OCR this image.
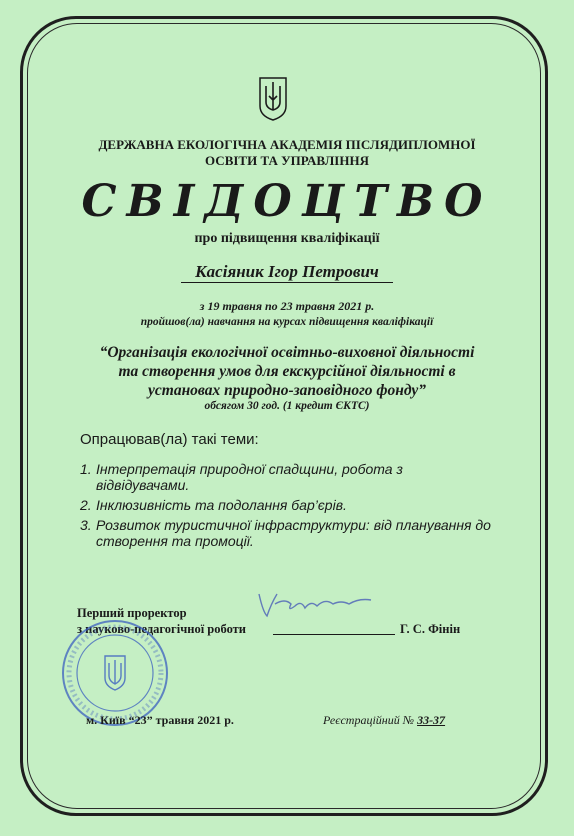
ДЕРЖАВНА ЕКОЛОГІЧНА АКАДЕМІЯ ПІСЛЯДИПЛОМНОЇ
ОСВІТИ ТА УПРАВЛІННЯ
СВІДОЦТВО
про підвищення кваліфікації
Касіяник Ігор Петрович
з 19 травня по 23 травня 2021 р.
пройшов(ла) навчання на курсах підвищення кваліфікації
“Організація екологічної освітньо-виховної діяльності
та створення умов для екскурсійної діяльності в
установах природно-заповідного фонду”
обсягом 30 год. (1 кредит ЄКТС)
Опрацював(ла) такі теми:
1. Інтерпретація природної спадщини, робота з відвідувачами.
2. Інклюзивність та подолання бар’єрів.
3. Розвиток туристичної інфраструктури: від планування до створення та промоції.
Перший проректор
з науково-педагогічної роботи	Г. С. Фінін
м. Київ “23” травня 2021 р.	Реєстраційний № 33-37
